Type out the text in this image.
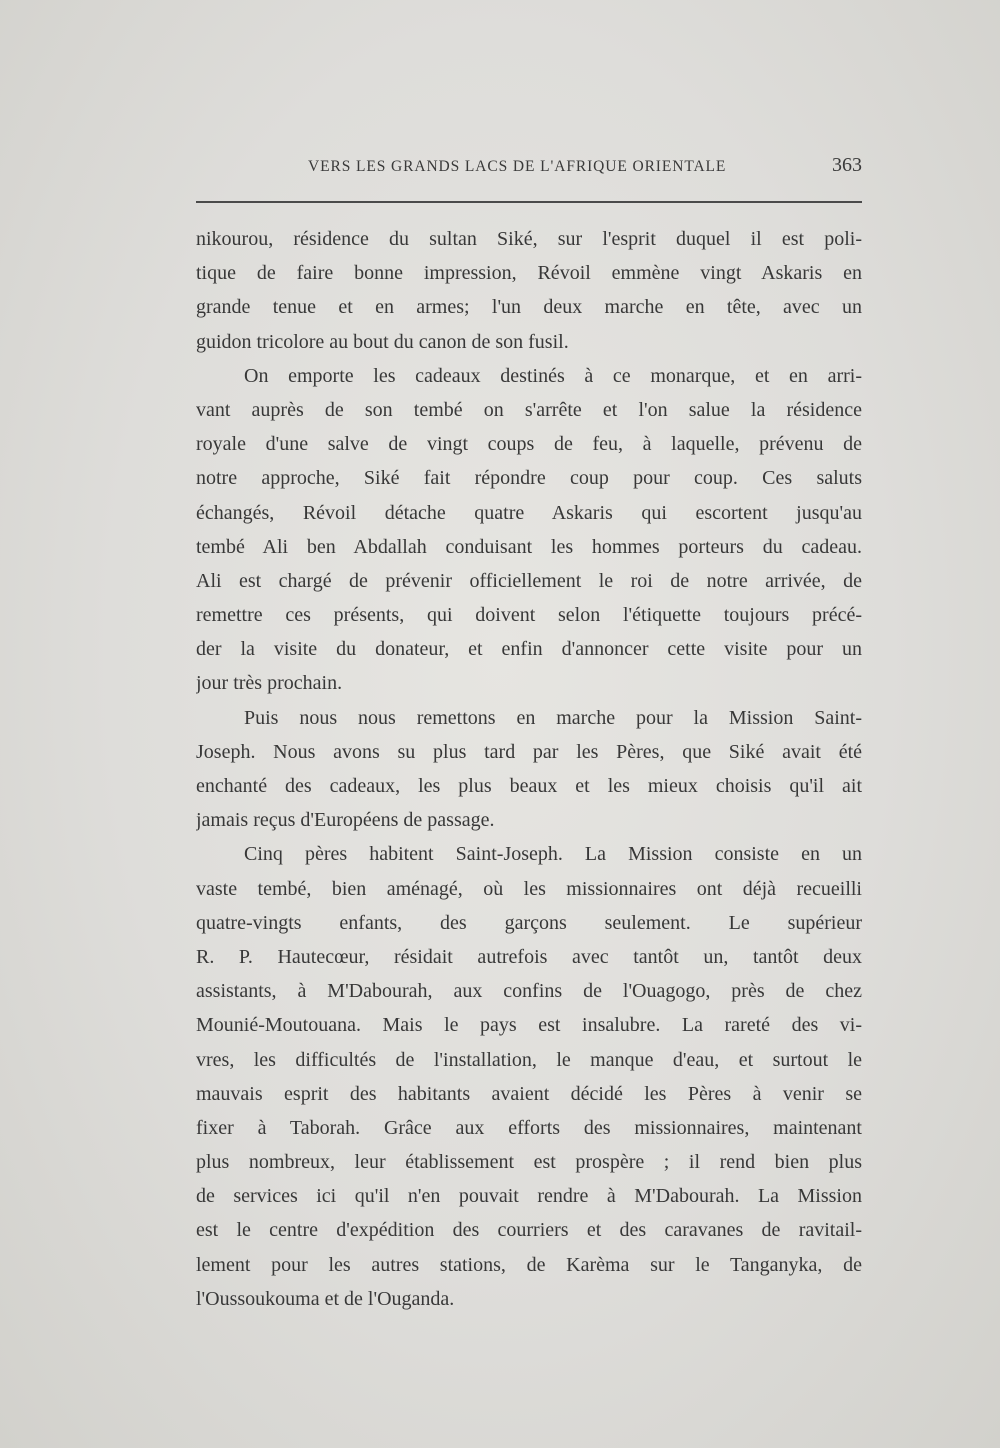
VERS LES GRANDS LACS DE L'AFRIQUE ORIENTALE	363
nikourou, résidence du sultan Siké, sur l'esprit duquel il est poli-
tique de faire bonne impression, Révoil emmène vingt Askaris en
grande tenue et en armes; l'un deux marche en tête, avec un
guidon tricolore au bout du canon de son fusil.
On emporte les cadeaux destinés à ce monarque, et en arri-
vant auprès de son tembé on s'arrête et l'on salue la résidence
royale d'une salve de vingt coups de feu, à laquelle, prévenu de
notre approche, Siké fait répondre coup pour coup. Ces saluts
échangés, Révoil détache quatre Askaris qui escortent jusqu'au
tembé Ali ben Abdallah conduisant les hommes porteurs du cadeau.
Ali est chargé de prévenir officiellement le roi de notre arrivée, de
remettre ces présents, qui doivent selon l'étiquette toujours précé-
der la visite du donateur, et enfin d'annoncer cette visite pour un
jour très prochain.
Puis nous nous remettons en marche pour la Mission Saint-
Joseph. Nous avons su plus tard par les Pères, que Siké avait été
enchanté des cadeaux, les plus beaux et les mieux choisis qu'il ait
jamais reçus d'Européens de passage.
Cinq pères habitent Saint-Joseph. La Mission consiste en un
vaste tembé, bien aménagé, où les missionnaires ont déjà recueilli
quatre-vingts enfants, des garçons seulement. Le supérieur
R. P. Hautecœur, résidait autrefois avec tantôt un, tantôt deux
assistants, à M'Dabourah, aux confins de l'Ouagogo, près de chez
Mounié-Moutouana. Mais le pays est insalubre. La rareté des vi-
vres, les difficultés de l'installation, le manque d'eau, et surtout le
mauvais esprit des habitants avaient décidé les Pères à venir se
fixer à Taborah. Grâce aux efforts des missionnaires, maintenant
plus nombreux, leur établissement est prospère ; il rend bien plus
de services ici qu'il n'en pouvait rendre à M'Dabourah. La Mission
est le centre d'expédition des courriers et des caravanes de ravitail-
lement pour les autres stations, de Karèma sur le Tanganyka, de
l'Oussoukouma et de l'Ouganda.
